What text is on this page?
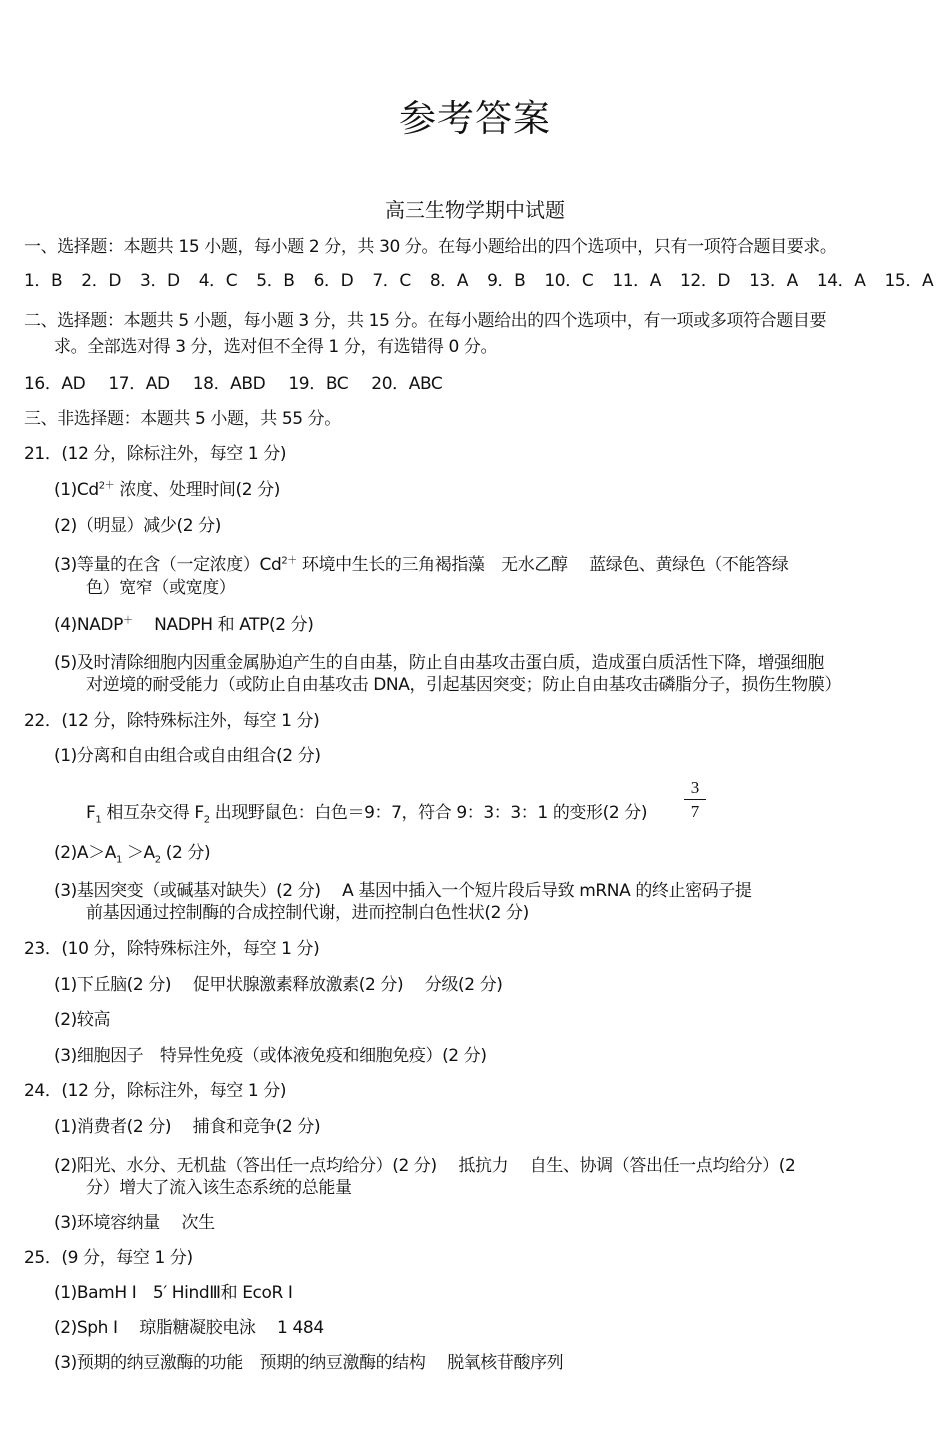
参考答案
高三生物学期中试题
一、选择题：本题共 15 小题，每小题 2 分，共 30 分。在每小题给出的四个选项中，只有一项符合题目要求。
1．B 2．D 3．D 4．C 5．B 6．D 7．C 8．A 9．B 10．C 11．A 12．D 13．A 14．A 15．A
二、选择题：本题共 5 小题，每小题 3 分，共 15 分。在每小题给出的四个选项中，有一项或多项符合题目要
求。全部选对得 3 分，选对但不全得 1 分，有选错得 0 分。
16．AD 17．AD 18．ABD 19．BC 20．ABC
三、非选择题：本题共 5 小题，共 55 分。
21．(12 分，除标注外，每空 1 分)
$(1)Cd^{2+}$ 浓度、处理时间(2 分)
(2)（明显）减少(2 分)
(3)等量的在含（一定浓度）$Cd^{2+}$ 环境中生长的三角褐指藻　无水乙醇　 蓝绿色、黄绿色（不能答绿
色）宽窄（或宽度）
(4)NADP＋　 NADPH 和 ATP(2 分)
(5)及时清除细胞内因重金属胁迫产生的自由基，防止自由基攻击蛋白质，造成蛋白质活性下降，增强细胞
对逆境的耐受能力（或防止自由基攻击 DNA，引起基因突变；防止自由基攻击磷脂分子，损伤生物膜）
22．(12 分，除特殊标注外，每空 1 分)
(1)分离和自由组合或自由组合(2 分)
$F_1$ 相互杂交得 $F_2$ 出现野鼠色：白色＝9：7，符合 9：3：3：1 的变形(2 分)
3
7
$(2)A>A_1 >A_2$ (2 分)
(3)基因突变（或碱基对缺失）(2 分)　 A 基因中插入一个短片段后导致 mRNA 的终止密码子提
前基因通过控制酶的合成控制代谢，进而控制白色性状(2 分)
23．(10 分，除特殊标注外，每空 1 分)
(1)下丘脑(2 分)　 促甲状腺激素释放激素(2 分)　 分级(2 分)
(2)较高
(3)细胞因子　特异性免疫（或体液免疫和细胞免疫）(2 分)
24．(12 分，除标注外，每空 1 分)
(1)消费者(2 分)　 捕食和竞争(2 分)
(2)阳光、水分、无机盐（答出任一点均给分）(2 分)　 抵抗力　 自生、协调（答出任一点均给分）(2
分）增大了流入该生态系统的总能量
(3)环境容纳量　 次生
25．(9 分，每空 1 分)
(1)BamH Ⅰ　5′ HindⅢ和 EcoR Ⅰ
(2)Sph Ⅰ　 琼脂糖凝胶电泳　 1 484
(3)预期的纳豆激酶的功能　预期的纳豆激酶的结构　 脱氧核苷酸序列
